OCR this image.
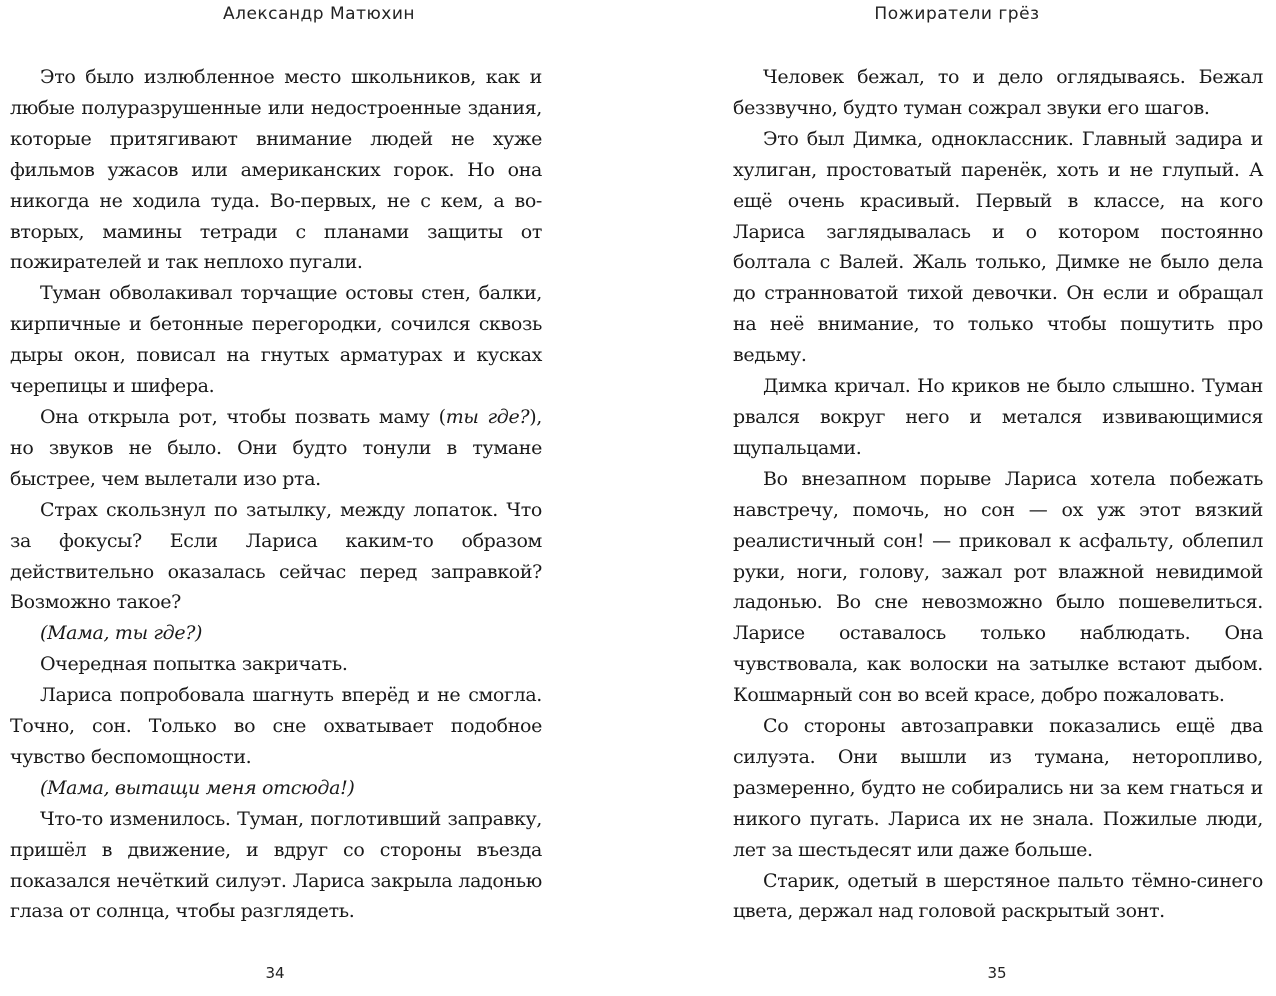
Александр Матюхин

Это было излюбленное место школьников, как и любые полуразрушенные или недостроенные здания, которые притягивают внимание людей не хуже фильмов ужасов или американских горок. Но она никогда не ходила туда. Во-первых, не с кем, а во-вторых, мамины тетради с планами защиты от пожирателей и так неплохо пугали.

Туман обволакивал торчащие остовы стен, балки, кирпичные и бетонные перегородки, сочился сквозь дыры окон, повисал на гнутых арматурах и кусках черепицы и шифера.

Она открыла рот, чтобы позвать маму (ты где?), но звуков не было. Они будто тонули в тумане быстрее, чем вылетали изо рта.

Страх скользнул по затылку, между лопаток. Что за фокусы? Если Лариса каким-то образом действительно оказалась сейчас перед заправкой? Возможно такое?

(Мама, ты где?)

Очередная попытка закричать.

Лариса попробовала шагнуть вперёд и не смогла. Точно, сон. Только во сне охватывает подобное чувство беспомощности.

(Мама, вытащи меня отсюда!)

Что-то изменилось. Туман, поглотивший заправку, пришёл в движение, и вдруг со стороны въезда показался нечёткий силуэт. Лариса закрыла ладонью глаза от солнца, чтобы разглядеть.

34
Пожиратели грёз

Человек бежал, то и дело оглядываясь. Бежал беззвучно, будто туман сожрал звуки его шагов.

Это был Димка, одноклассник. Главный задира и хулиган, простоватый паренёк, хоть и не глупый. А ещё очень красивый. Первый в классе, на кого Лариса заглядывалась и о котором постоянно болтала с Валей. Жаль только, Димке не было дела до странноватой тихой девочки. Он если и обращал на неё внимание, то только чтобы пошутить про ведьму.

Димка кричал. Но криков не было слышно. Туман рвался вокруг него и метался извивающимися щупальцами.

Во внезапном порыве Лариса хотела побежать навстречу, помочь, но сон — ох уж этот вязкий реалистичный сон! — приковал к асфальту, облепил руки, ноги, голову, зажал рот влажной невидимой ладонью. Во сне невозможно было пошевелиться. Ларисе оставалось только наблюдать. Она чувствовала, как волоски на затылке встают дыбом. Кошмарный сон во всей красе, добро пожаловать.

Со стороны автозаправки показались ещё два силуэта. Они вышли из тумана, неторопливо, размеренно, будто не собирались ни за кем гнаться и никого пугать. Лариса их не знала. Пожилые люди, лет за шестьдесят или даже больше.

Старик, одетый в шерстяное пальто тёмно-синего цвета, держал над головой раскрытый зонт.

35
